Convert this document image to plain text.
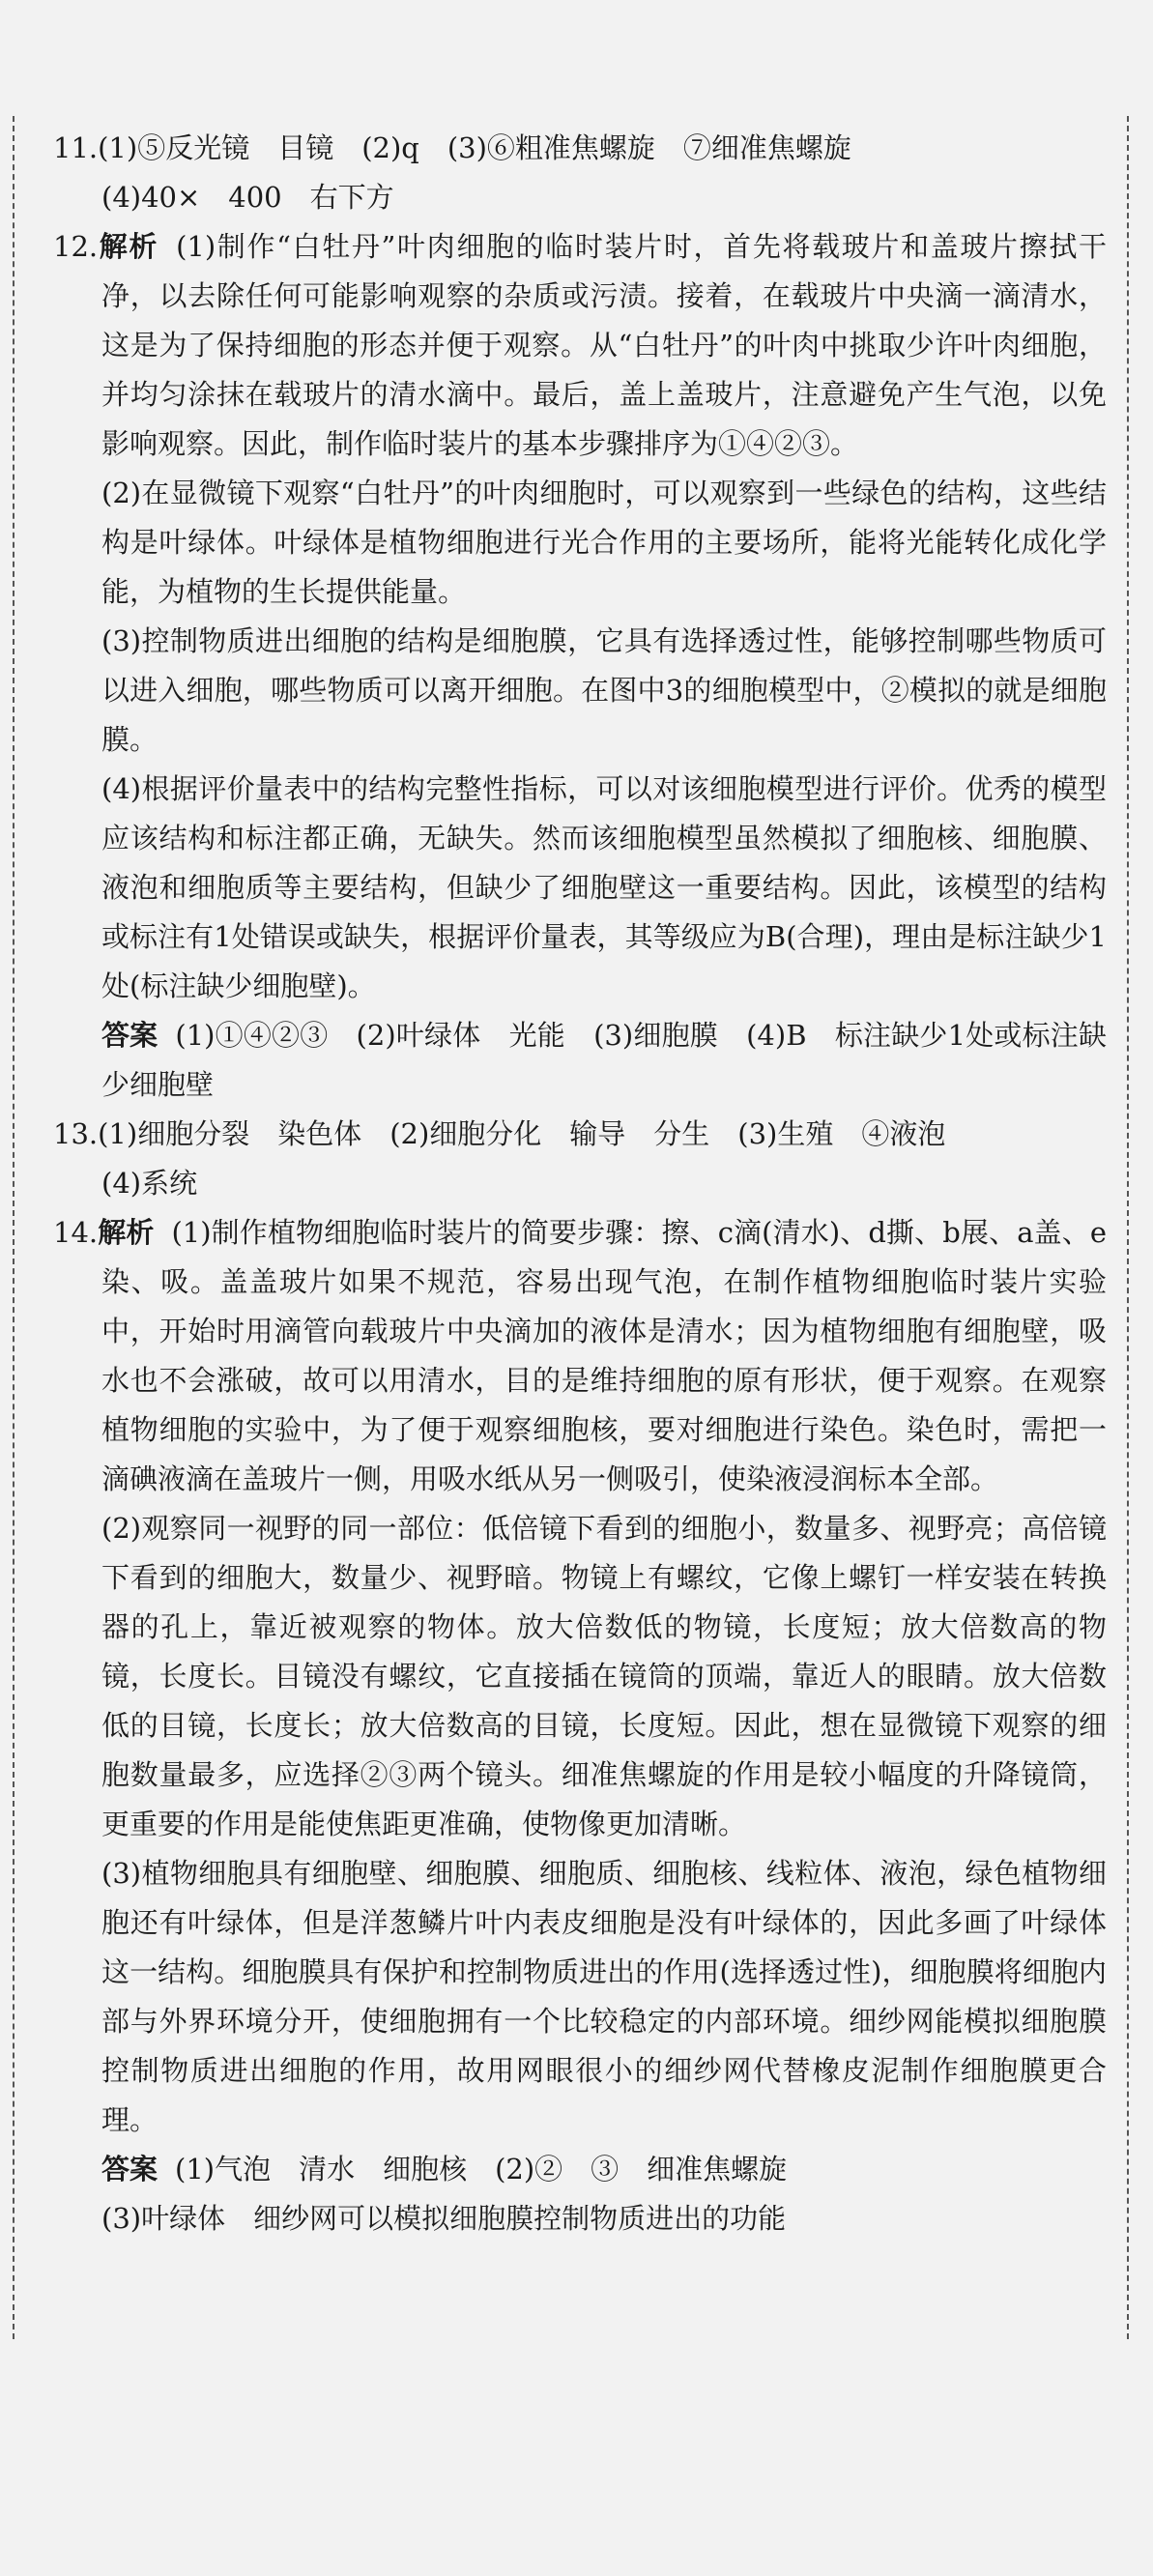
11.(1)⑤反光镜　目镜　(2)q　(3)⑥粗准焦螺旋　⑦细准焦螺旋

(4)40×　400　右下方

12.解析 (1)制作“白牡丹”叶肉细胞的临时装片时，首先将载玻片和盖玻片擦拭干净，以去除任何可能影响观察的杂质或污渍。接着，在载玻片中央滴一滴清水，这是为了保持细胞的形态并便于观察。从“白牡丹”的叶肉中挑取少许叶肉细胞，并均匀涂抹在载玻片的清水滴中。最后，盖上盖玻片，注意避免产生气泡，以免影响观察。因此，制作临时装片的基本步骤排序为①④②③。

(2)在显微镜下观察“白牡丹”的叶肉细胞时，可以观察到一些绿色的结构，这些结构是叶绿体。叶绿体是植物细胞进行光合作用的主要场所，能将光能转化成化学能，为植物的生长提供能量。

(3)控制物质进出细胞的结构是细胞膜，它具有选择透过性，能够控制哪些物质可以进入细胞，哪些物质可以离开细胞。在图中3的细胞模型中，②模拟的就是细胞膜。

(4)根据评价量表中的结构完整性指标，可以对该细胞模型进行评价。优秀的模型应该结构和标注都正确，无缺失。然而该细胞模型虽然模拟了细胞核、细胞膜、液泡和细胞质等主要结构，但缺少了细胞壁这一重要结构。因此，该模型的结构或标注有1处错误或缺失，根据评价量表，其等级应为B(合理)，理由是标注缺少1处(标注缺少细胞壁)。

答案 (1)①④②③　(2)叶绿体　光能　(3)细胞膜　(4)B　标注缺少1处或标注缺少细胞壁

13.(1)细胞分裂　染色体　(2)细胞分化　输导　分生　(3)生殖　④液泡

(4)系统

14.解析 (1)制作植物细胞临时装片的简要步骤：擦、c滴(清水)、d撕、b展、a盖、e染、吸。盖盖玻片如果不规范，容易出现气泡，在制作植物细胞临时装片实验中，开始时用滴管向载玻片中央滴加的液体是清水；因为植物细胞有细胞壁，吸水也不会涨破，故可以用清水，目的是维持细胞的原有形状，便于观察。在观察植物细胞的实验中，为了便于观察细胞核，要对细胞进行染色。染色时，需把一滴碘液滴在盖玻片一侧，用吸水纸从另一侧吸引，使染液浸润标本全部。

(2)观察同一视野的同一部位：低倍镜下看到的细胞小，数量多、视野亮；高倍镜下看到的细胞大，数量少、视野暗。物镜上有螺纹，它像上螺钉一样安装在转换器的孔上，靠近被观察的物体。放大倍数低的物镜，长度短；放大倍数高的物镜，长度长。目镜没有螺纹，它直接插在镜筒的顶端，靠近人的眼睛。放大倍数低的目镜，长度长；放大倍数高的目镜，长度短。因此，想在显微镜下观察的细胞数量最多，应选择②③两个镜头。细准焦螺旋的作用是较小幅度的升降镜筒，更重要的作用是能使焦距更准确，使物像更加清晰。

(3)植物细胞具有细胞壁、细胞膜、细胞质、细胞核、线粒体、液泡，绿色植物细胞还有叶绿体，但是洋葱鳞片叶内表皮细胞是没有叶绿体的，因此多画了叶绿体这一结构。细胞膜具有保护和控制物质进出的作用(选择透过性)，细胞膜将细胞内部与外界环境分开，使细胞拥有一个比较稳定的内部环境。细纱网能模拟细胞膜控制物质进出细胞的作用，故用网眼很小的细纱网代替橡皮泥制作细胞膜更合理。

答案 (1)气泡　清水　细胞核　(2)②　③　细准焦螺旋

(3)叶绿体　细纱网可以模拟细胞膜控制物质进出的功能
